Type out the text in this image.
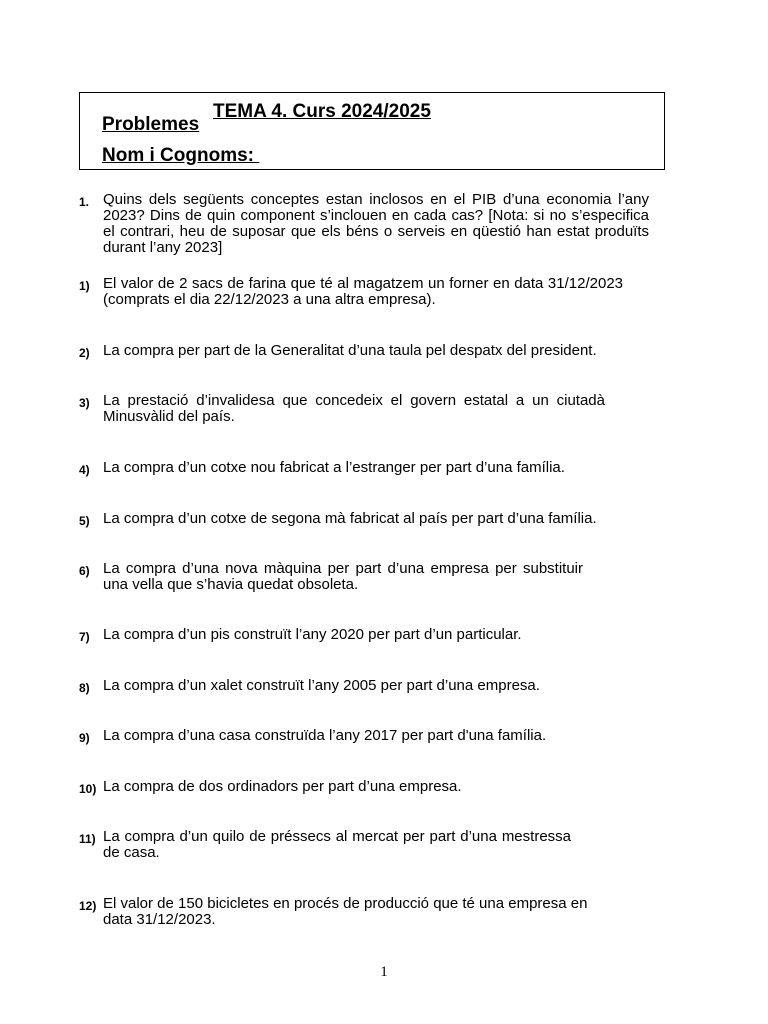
TEMA 4. Curs 2024/2025
Problemes
Nom i Cognoms:
1. Quins dels següents conceptes estan inclosos en el PIB d’una economia l’any 2023? Dins de quin component s’inclouen en cada cas? [Nota: si no s’especifica el contrari, heu de suposar que els béns o serveis en qüestió han estat produïts durant l’any 2023]
1) El valor de 2 sacs de farina que té al magatzem un forner en data 31/12/2023 (comprats el dia 22/12/2023 a una altra empresa).
2) La compra per part de la Generalitat d’una taula pel despatx del president.
3) La prestació d’invalidesa que concedeix el govern estatal a un ciutadà Minusvàlid del país.
4) La compra d’un cotxe nou fabricat a l’estranger per part d’una família.
5) La compra d’un cotxe de segona mà fabricat al país per part d’una família.
6) La compra d’una nova màquina per part d’una empresa per substituir una vella que s’havia quedat obsoleta.
7) La compra d’un pis construït l’any 2020 per part d’un particular.
8) La compra d’un xalet construït l’any 2005 per part d’una empresa.
9) La compra d’una casa construïda l’any 2017 per part d'una família.
10) La compra de dos ordinadors per part d’una empresa.
11) La compra d’un quilo de préssecs al mercat per part d’una mestressa de casa.
12) El valor de 150 bicicletes en procés de producció que té una empresa en data 31/12/2023.
1
